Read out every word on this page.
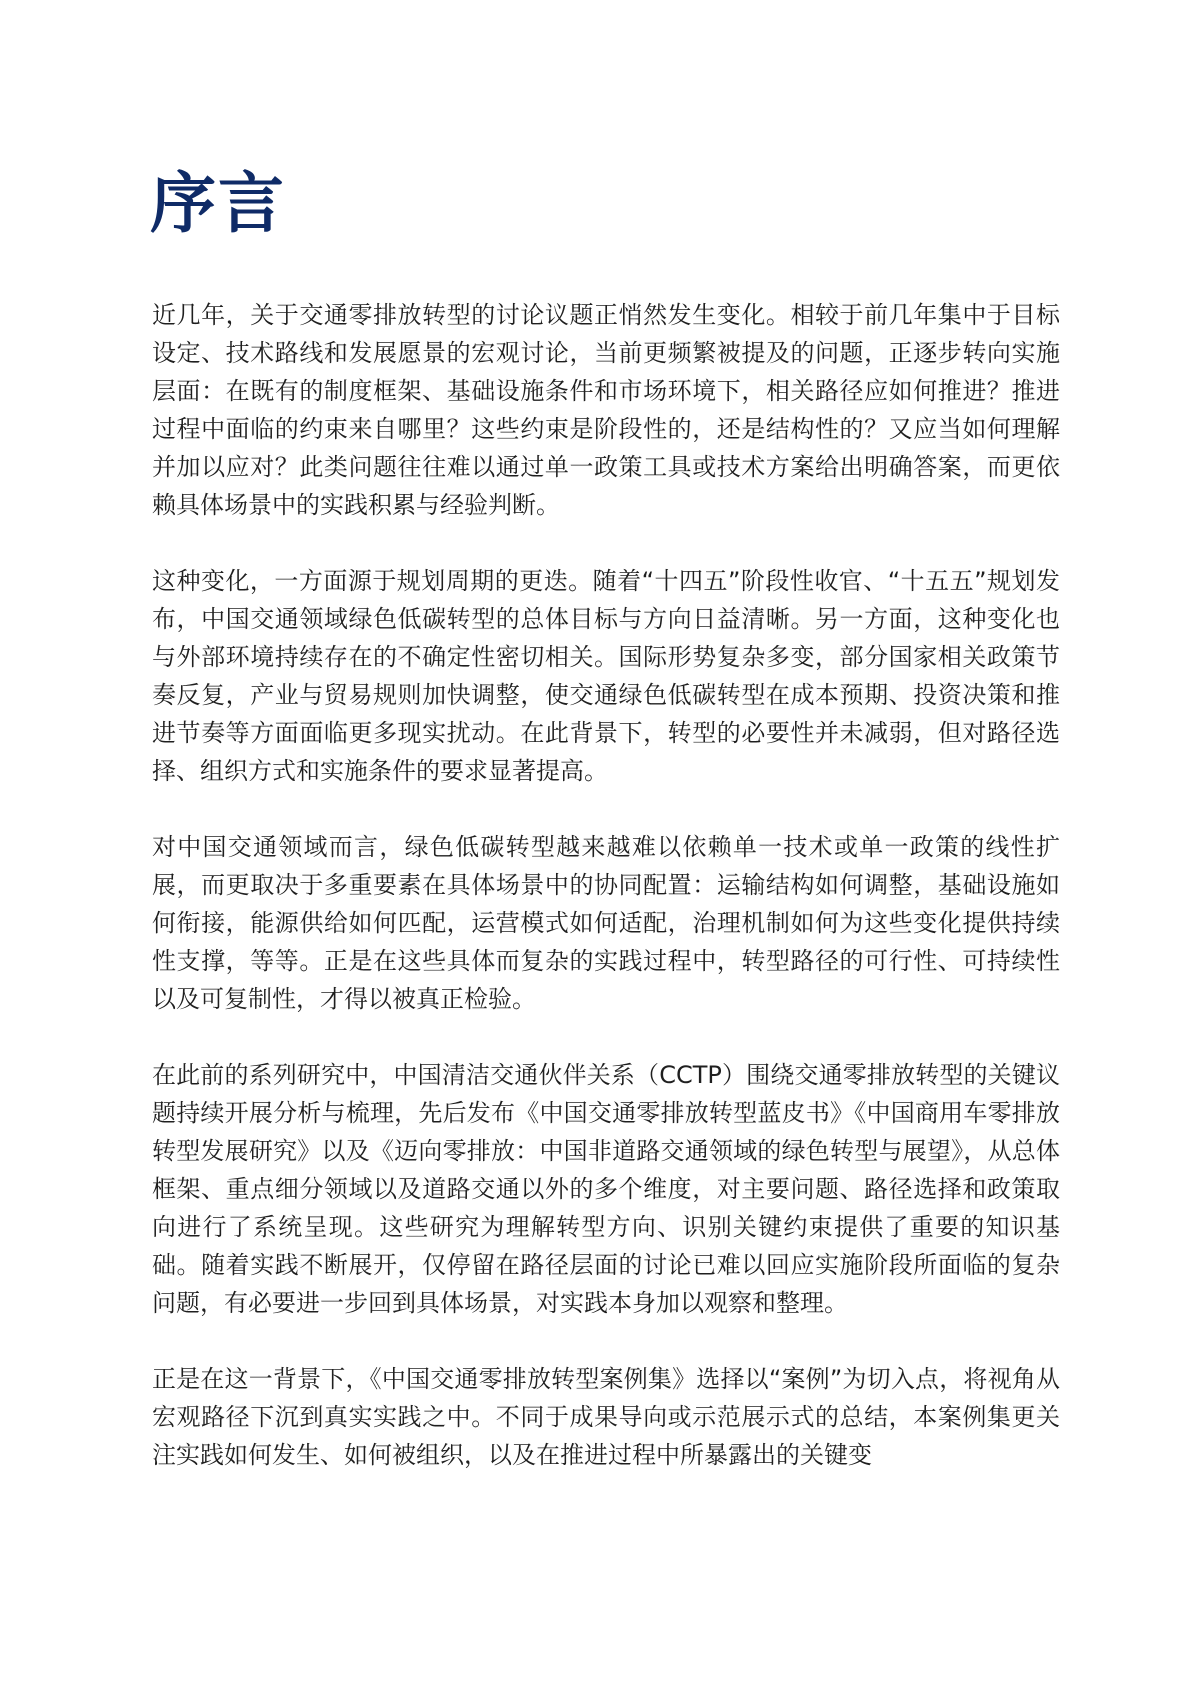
序言

近几年，关于交通零排放转型的讨论议题正悄然发生变化。相较于前几年集中于目标设定、技术路线和发展愿景的宏观讨论，当前更频繁被提及的问题，正逐步转向实施层面：在既有的制度框架、基础设施条件和市场环境下，相关路径应如何推进？推进过程中面临的约束来自哪里？这些约束是阶段性的，还是结构性的？又应当如何理解并加以应对？此类问题往往难以通过单一政策工具或技术方案给出明确答案，而更依赖具体场景中的实践积累与经验判断。

这种变化，一方面源于规划周期的更迭。随着“十四五”阶段性收官、“十五五”规划发布，中国交通领域绿色低碳转型的总体目标与方向日益清晰。另一方面，这种变化也与外部环境持续存在的不确定性密切相关。国际形势复杂多变，部分国家相关政策节奏反复，产业与贸易规则加快调整，使交通绿色低碳转型在成本预期、投资决策和推进节奏等方面面临更多现实扰动。在此背景下，转型的必要性并未减弱，但对路径选择、组织方式和实施条件的要求显著提高。

对中国交通领域而言，绿色低碳转型越来越难以依赖单一技术或单一政策的线性扩展，而更取决于多重要素在具体场景中的协同配置：运输结构如何调整，基础设施如何衔接，能源供给如何匹配，运营模式如何适配，治理机制如何为这些变化提供持续性支撑，等等。正是在这些具体而复杂的实践过程中，转型路径的可行性、可持续性以及可复制性，才得以被真正检验。

在此前的系列研究中，中国清洁交通伙伴关系（CCTP）围绕交通零排放转型的关键议题持续开展分析与梳理，先后发布《中国交通零排放转型蓝皮书》《中国商用车零排放转型发展研究》以及《迈向零排放：中国非道路交通领域的绿色转型与展望》，从总体框架、重点细分领域以及道路交通以外的多个维度，对主要问题、路径选择和政策取向进行了系统呈现。这些研究为理解转型方向、识别关键约束提供了重要的知识基础。随着实践不断展开，仅停留在路径层面的讨论已难以回应实施阶段所面临的复杂问题，有必要进一步回到具体场景，对实践本身加以观察和整理。

正是在这一背景下，《中国交通零排放转型案例集》选择以“案例”为切入点，将视角从宏观路径下沉到真实实践之中。不同于成果导向或示范展示式的总结，本案例集更关注实践如何发生、如何被组织，以及在推进过程中所暴露出的关键变
